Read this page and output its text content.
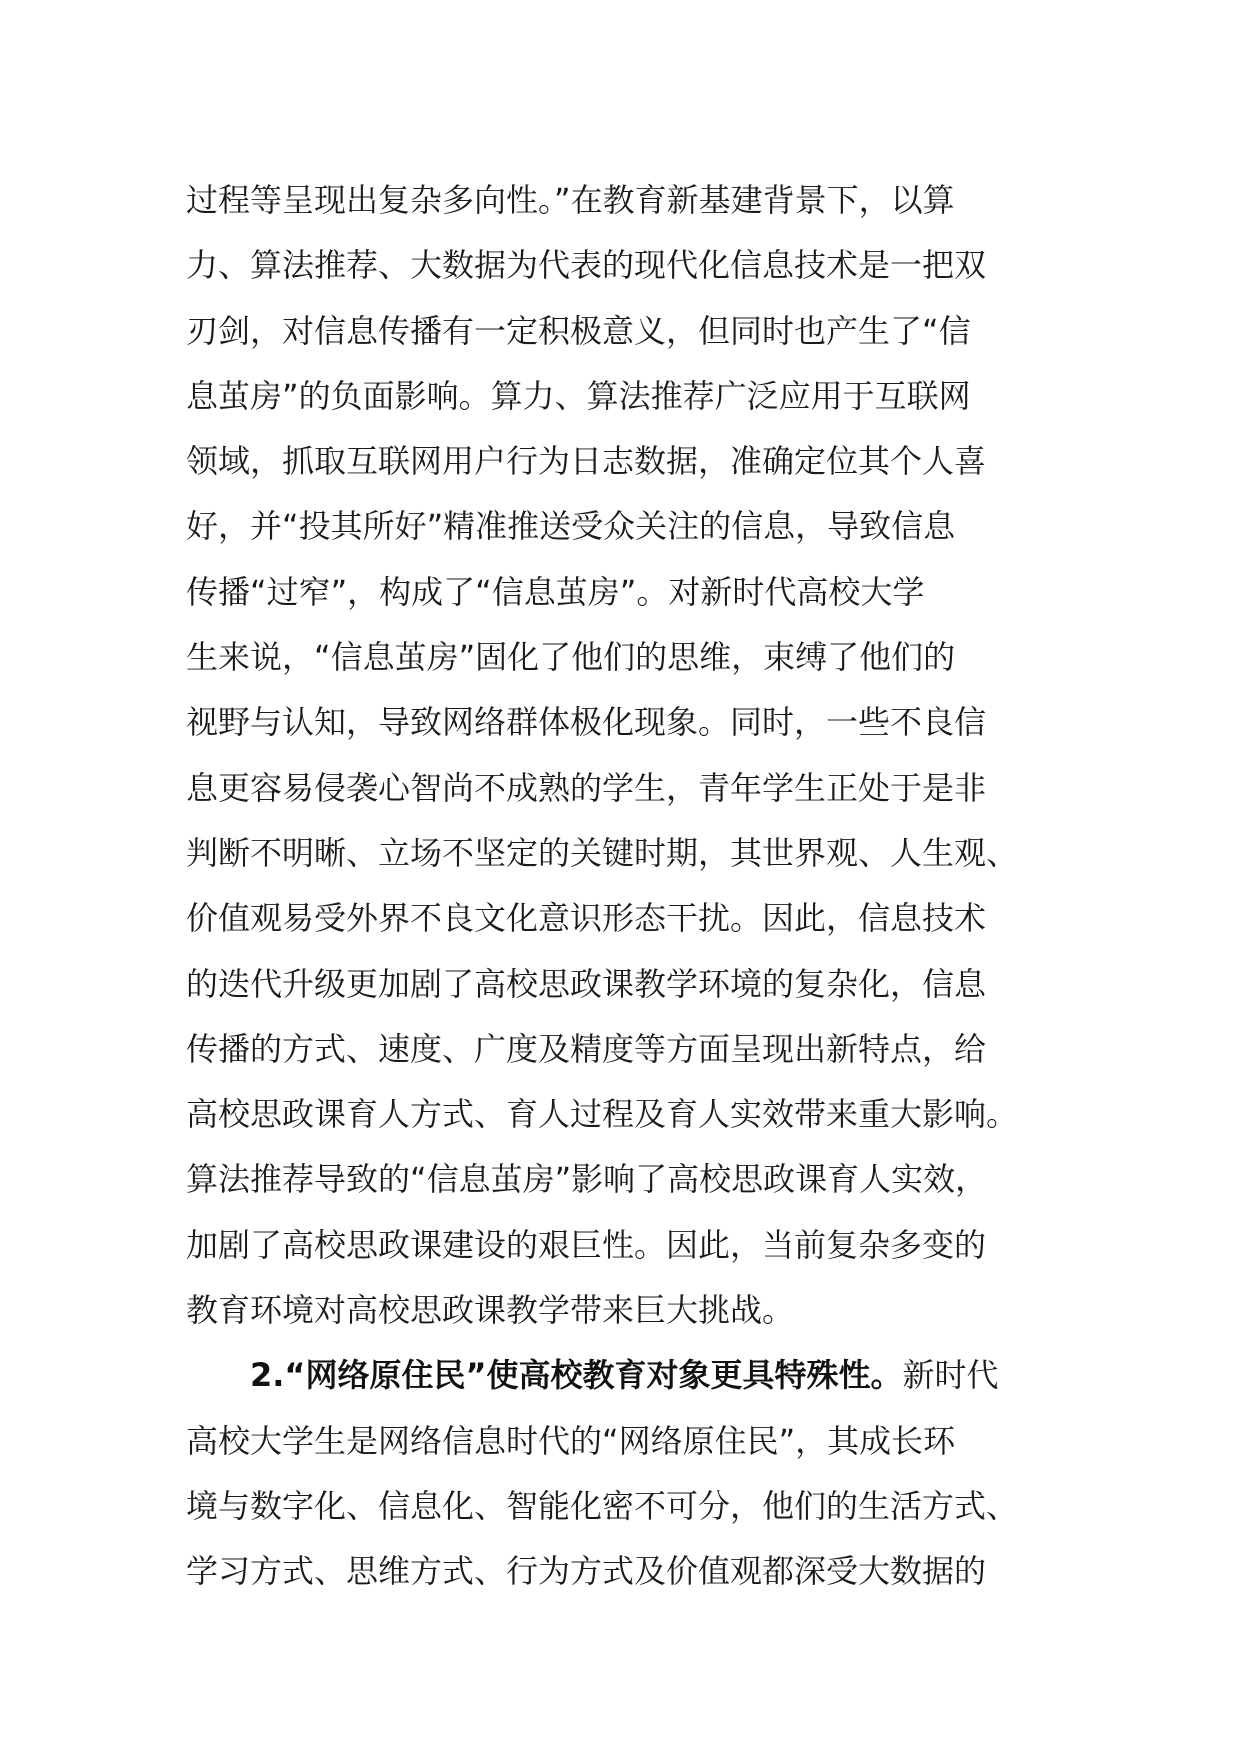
过程等呈现出复杂多向性。”在教育新基建背景下，以算
力、算法推荐、大数据为代表的现代化信息技术是一把双
刃剑，对信息传播有一定积极意义，但同时也产生了“信
息茧房”的负面影响。算力、算法推荐广泛应用于互联网
领域，抓取互联网用户行为日志数据，准确定位其个人喜
好，并“投其所好”精准推送受众关注的信息，导致信息
传播“过窄”，构成了“信息茧房”。对新时代高校大学
生来说，“信息茧房”固化了他们的思维，束缚了他们的
视野与认知，导致网络群体极化现象。同时，一些不良信
息更容易侵袭心智尚不成熟的学生，青年学生正处于是非
判断不明晰、立场不坚定的关键时期，其世界观、人生观、
价值观易受外界不良文化意识形态干扰。因此，信息技术
的迭代升级更加剧了高校思政课教学环境的复杂化，信息
传播的方式、速度、广度及精度等方面呈现出新特点，给
高校思政课育人方式、育人过程及育人实效带来重大影响。
算法推荐导致的“信息茧房”影响了高校思政课育人实效，
加剧了高校思政课建设的艰巨性。因此，当前复杂多变的
教育环境对高校思政课教学带来巨大挑战。
2.“网络原住民”使高校教育对象更具特殊性。新时代
高校大学生是网络信息时代的“网络原住民”，其成长环
境与数字化、信息化、智能化密不可分，他们的生活方式、
学习方式、思维方式、行为方式及价值观都深受大数据的
